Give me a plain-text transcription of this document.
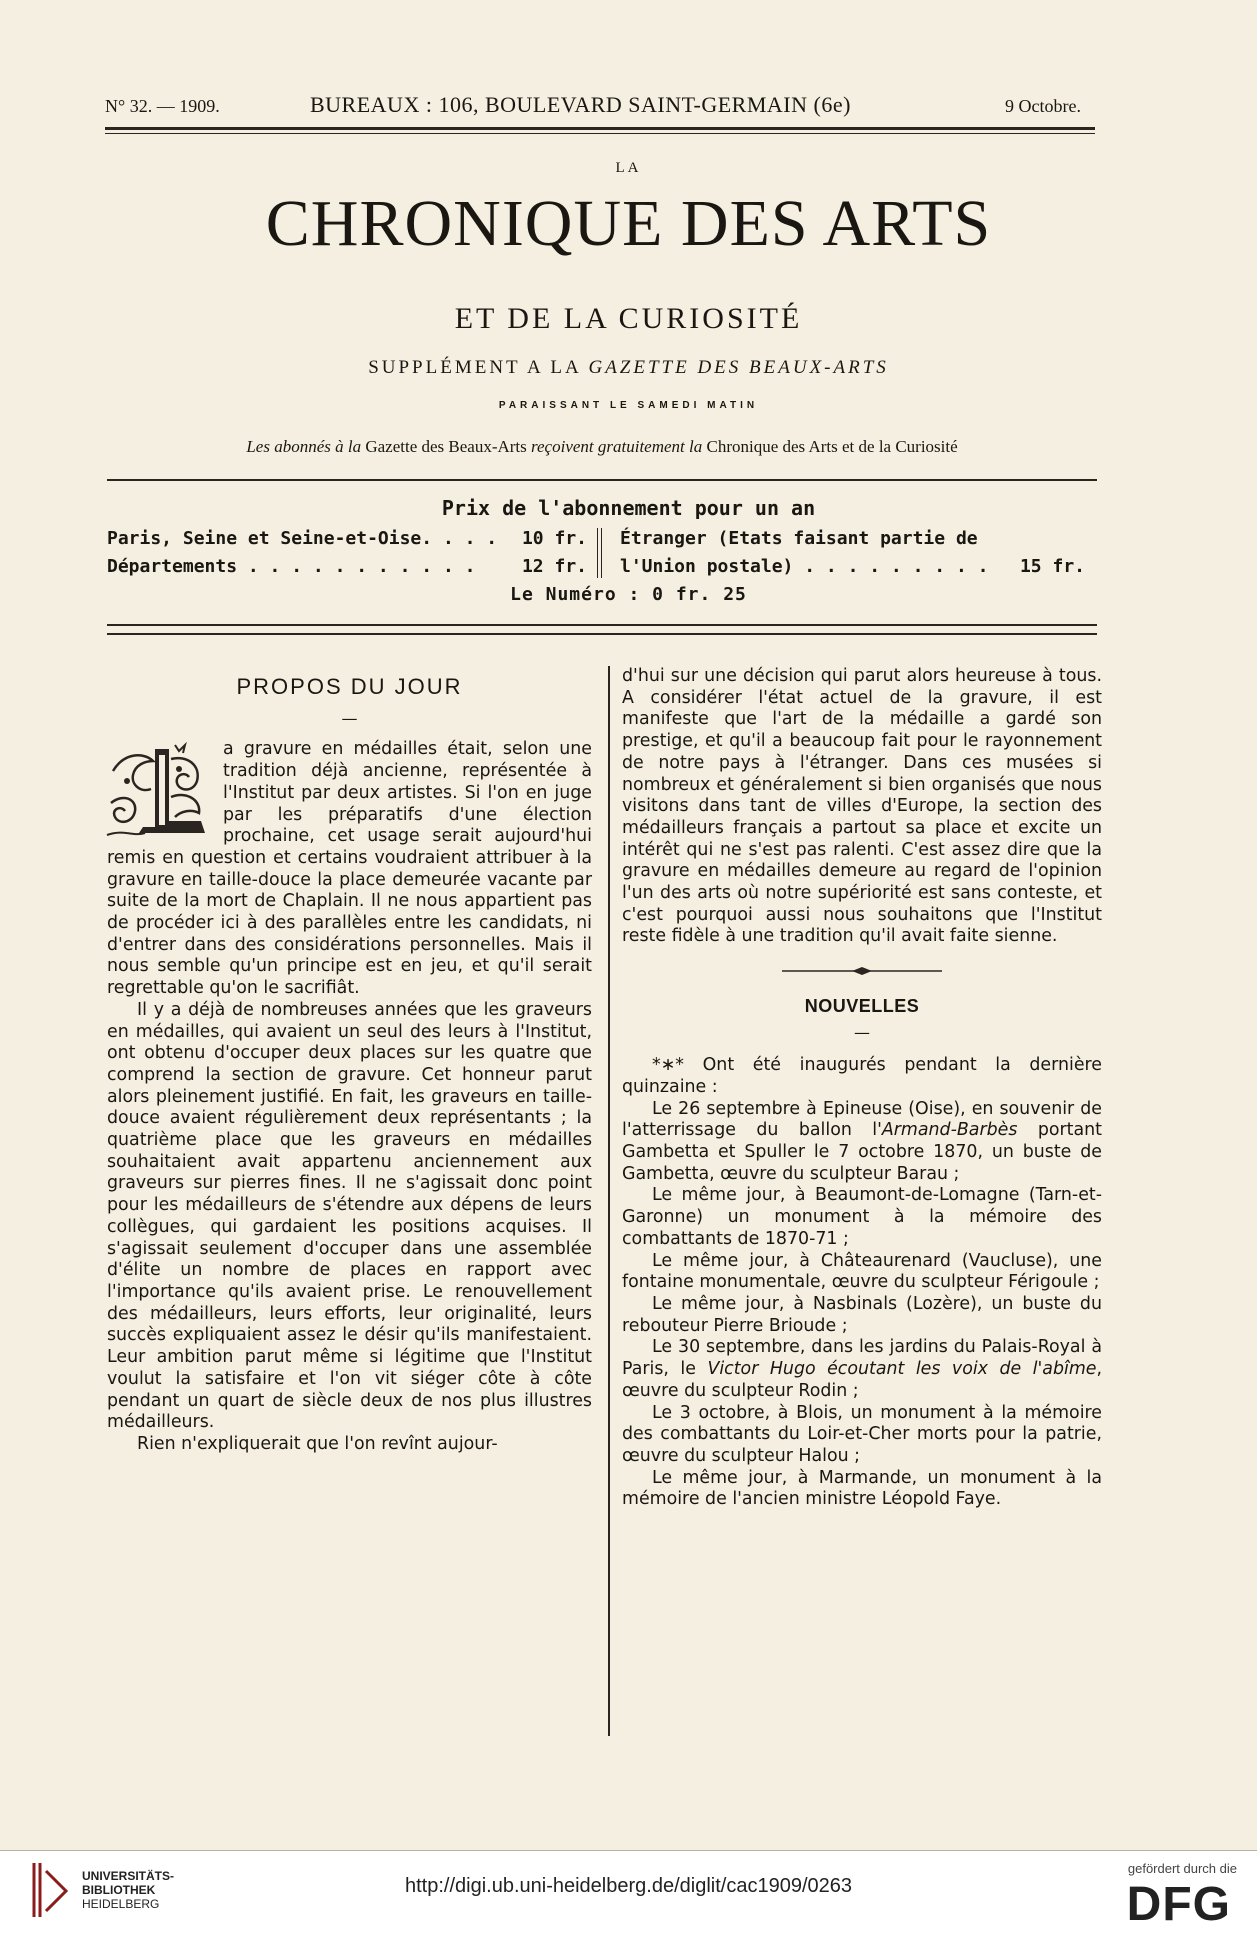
N° 32. — 1909.	BUREAUX : 106, BOULEVARD SAINT-GERMAIN (6e)	9 Octobre.
LA
CHRONIQUE DES ARTS
ET DE LA CURIOSITÉ
SUPPLÉMENT A LA GAZETTE DES BEAUX-ARTS
PARAISSANT LE SAMEDI MATIN
Les abonnés à la Gazette des Beaux-Arts reçoivent gratuitement la Chronique des Arts et de la Curiosité
Prix de l'abonnement pour un an
Paris, Seine et Seine-et-Oise. . . . 10 fr.
Départements . . . . . . . . . . .	12 fr.
Étranger (Etats faisant partie de
l'Union postale) . . . . . . . . . 15 fr.
Le Numéro : 0 fr. 25
PROPOS DU JOUR
—

a gravure en médailles était, selon une tradition déjà ancienne, représentée à l'Institut par deux artistes. Si l'on en juge par les préparatifs d'une élection prochaine, cet usage serait aujourd'hui remis en question et certains voudraient attribuer à la gravure en taille-douce la place demeurée vacante par suite de la mort de Chaplain. Il ne nous appartient pas de procéder ici à des parallèles entre les candidats, ni d'entrer dans des considérations personnelles. Mais il nous semble qu'un principe est en jeu, et qu'il serait regrettable qu'on le sacrifiât.

Il y a déjà de nombreuses années que les graveurs en médailles, qui avaient un seul des leurs à l'Institut, ont obtenu d'occuper deux places sur les quatre que comprend la section de gravure. Cet honneur parut alors pleinement justifié. En fait, les graveurs en taille-douce avaient régulièrement deux représentants ; la quatrième place que les graveurs en médailles souhaitaient avait appartenu anciennement aux graveurs sur pierres fines. Il ne s'agissait donc point pour les médailleurs de s'étendre aux dépens de leurs collègues, qui gardaient les positions acquises. Il s'agissait seulement d'occuper dans une assemblée d'élite un nombre de places en rapport avec l'importance qu'ils avaient prise. Le renouvellement des médailleurs, leurs efforts, leur originalité, leurs succès expliquaient assez le désir qu'ils manifestaient. Leur ambition parut même si légitime que l'Institut voulut la satisfaire et l'on vit siéger côte à côte pendant un quart de siècle deux de nos plus illustres médailleurs.

Rien n'expliquerait que l'on revînt aujour-

d'hui sur une décision qui parut alors heureuse à tous. A considérer l'état actuel de la gravure, il est manifeste que l'art de la médaille a gardé son prestige, et qu'il a beaucoup fait pour le rayonnement de notre pays à l'étranger. Dans ces musées si nombreux et généralement si bien organisés que nous visitons dans tant de villes d'Europe, la section des médailleurs français a partout sa place et excite un intérêt qui ne s'est pas ralenti. C'est assez dire que la gravure en médailles demeure au regard de l'opinion l'un des arts où notre supériorité est sans conteste, et c'est pourquoi aussi nous souhaitons que l'Institut reste fidèle à une tradition qu'il avait faite sienne.

NOUVELLES
—

*∗* Ont été inaugurés pendant la dernière quinzaine :

Le 26 septembre à Epineuse (Oise), en souvenir de l'atterrissage du ballon l'Armand-Barbès portant Gambetta et Spuller le 7 octobre 1870, un buste de Gambetta, œuvre du sculpteur Barau ;

Le même jour, à Beaumont-de-Lomagne (Tarn-et-Garonne) un monument à la mémoire des combattants de 1870-71 ;

Le même jour, à Châteaurenard (Vaucluse), une fontaine monumentale, œuvre du sculpteur Férigoule ;

Le même jour, à Nasbinals (Lozère), un buste du rebouteur Pierre Brioude ;

Le 30 septembre, dans les jardins du Palais-Royal à Paris, le Victor Hugo écoutant les voix de l'abîme, œuvre du sculpteur Rodin ;

Le 3 octobre, à Blois, un monument à la mémoire des combattants du Loir-et-Cher morts pour la patrie, œuvre du sculpteur Halou ;

Le même jour, à Marmande, un monument à la mémoire de l'ancien ministre Léopold Faye.

UNIVERSITÄTS-
BIBLIOTHEK
HEIDELBERG
http://digi.ub.uni-heidelberg.de/diglit/cac1909/0263
gefördert durch die
DFG
